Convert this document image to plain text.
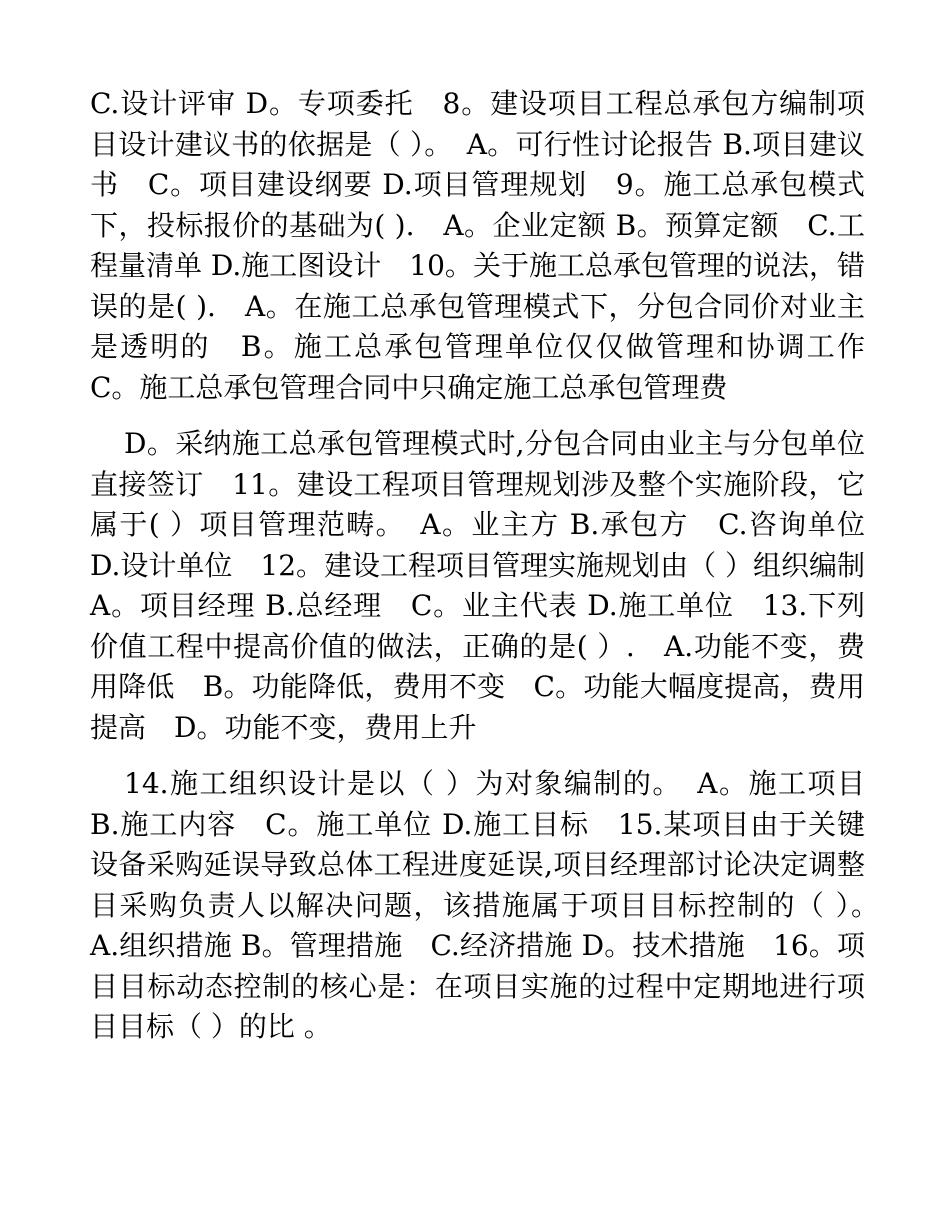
C.设计评审 D。专项委托　8。建设项目工程总承包方编制项目设计建议书的依据是（ ）。　A。可行性讨论报告 B.项目建议书　C。项目建设纲要 D.项目管理规划　9。施工总承包模式下，投标报价的基础为( ).　A。企业定额 B。预算定额　C.工程量清单 D.施工图设计　10。关于施工总承包管理的说法，错误的是( ).　A。在施工总承包管理模式下，分包合同价对业主是透明的　B。施工总承包管理单位仅仅做管理和协调工作　C。施工总承包管理合同中只确定施工总承包管理费

D。采纳施工总承包管理模式时,分包合同由业主与分包单位直接签订　11。建设工程项目管理规划涉及整个实施阶段，它属于( ）项目管理范畴。　A。业主方 B.承包方　C.咨询单位 D.设计单位　12。建设工程项目管理实施规划由（ ）组织编制　A。项目经理 B.总经理　C。业主代表 D.施工单位　13.下列价值工程中提高价值的做法，正确的是( ）.　A.功能不变，费用降低　B。功能降低，费用不变　C。功能大幅度提高，费用提高　D。功能不变，费用上升

14.施工组织设计是以（ ）为对象编制的。　A。施工项目 B.施工内容　C。施工单位 D.施工目标　15.某项目由于关键设备采购延误导致总体工程进度延误,项目经理部讨论决定调整目采购负责人以解决问题，该措施属于项目目标控制的（ ）。　A.组织措施 B。管理措施　C.经济措施 D。技术措施　16。项目目标动态控制的核心是：在项目实施的过程中定期地进行项目目标（ ）的比 。
